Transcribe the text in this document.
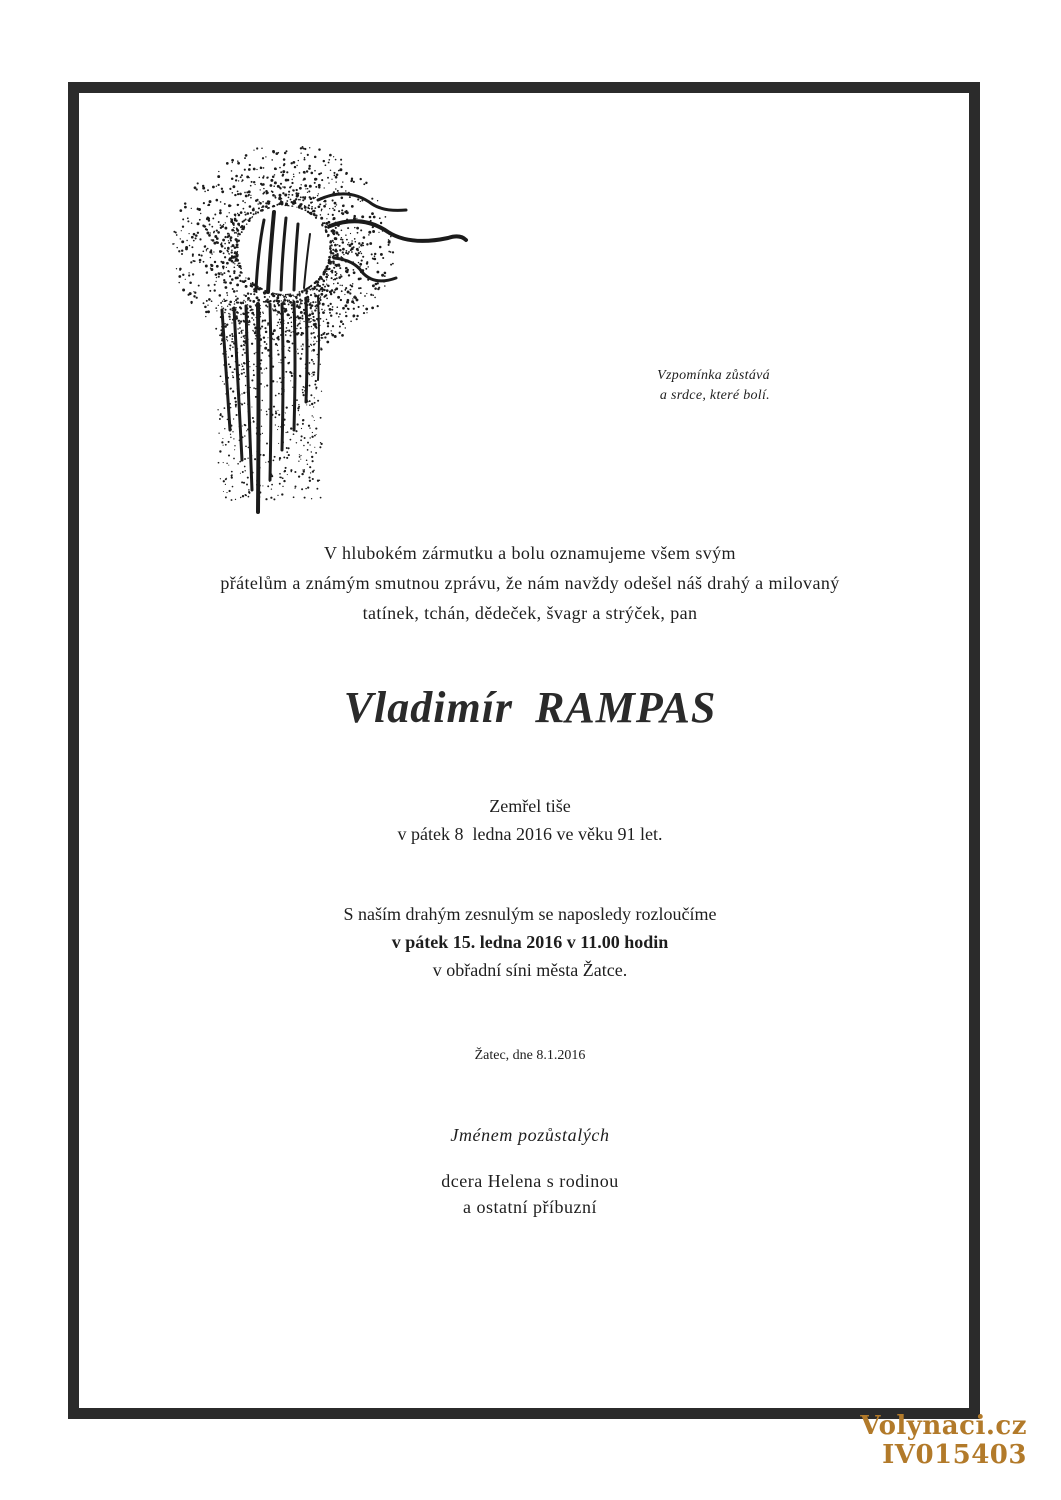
Vzpomínka zůstává
a srdce, které bolí.
V hlubokém zármutku a bolu oznamujeme všem svým
přátelům a známým smutnou zprávu, že nám navždy odešel náš drahý a milovaný
tatínek, tchán, dědeček, švagr a strýček, pan
Vladimír RAMPAS
Zemřel tiše
v pátek 8  ledna 2016 ve věku 91 let.
S naším drahým zesnulým se naposledy rozloučíme
v pátek 15. ledna 2016 v 11.00 hodin
v obřadní síni města Žatce.
Žatec, dne 8.1.2016
Jménem pozůstalých
dcera Helena s rodinou
a ostatní příbuzní
Volynaci.cz
IV015403
